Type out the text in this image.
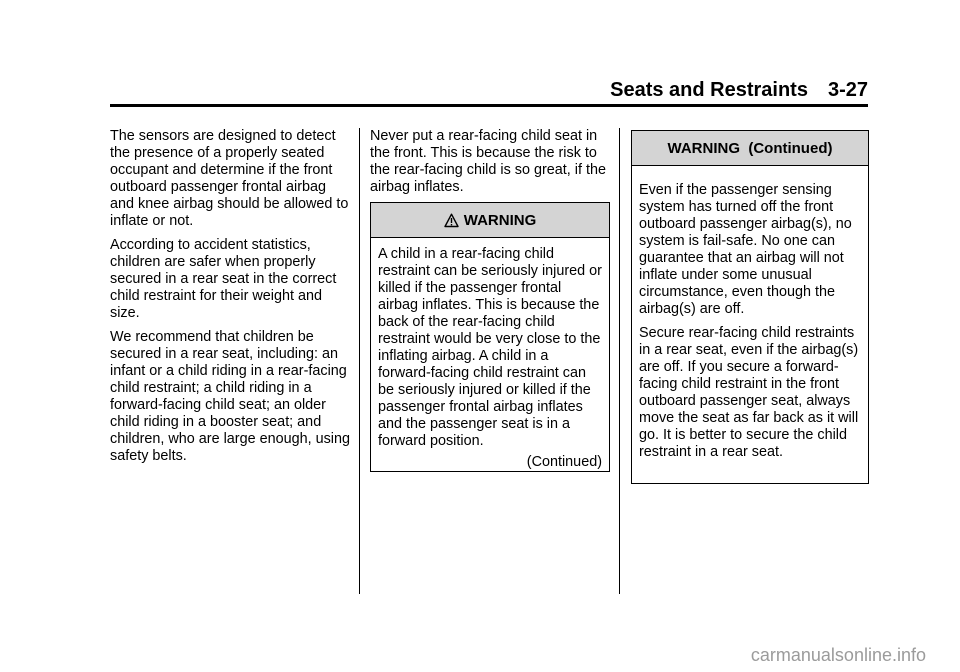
Seats and Restraints 3-27

The sensors are designed to detect the presence of a properly seated occupant and determine if the front outboard passenger frontal airbag and knee airbag should be allowed to inflate or not.

According to accident statistics, children are safer when properly secured in a rear seat in the correct child restraint for their weight and size.

We recommend that children be secured in a rear seat, including: an infant or a child riding in a rear-facing child restraint; a child riding in a forward-facing child seat; an older child riding in a booster seat; and children, who are large enough, using safety belts.

Never put a rear-facing child seat in the front. This is because the risk to the rear-facing child is so great, if the airbag inflates.

WARNING

A child in a rear-facing child restraint can be seriously injured or killed if the passenger frontal airbag inflates. This is because the back of the rear-facing child restraint would be very close to the inflating airbag. A child in a forward-facing child restraint can be seriously injured or killed if the passenger frontal airbag inflates and the passenger seat is in a forward position.

(Continued)
WARNING  (Continued)

Even if the passenger sensing system has turned off the front outboard passenger airbag(s), no system is fail-safe. No one can guarantee that an airbag will not inflate under some unusual circumstance, even though the airbag(s) are off.

Secure rear-facing child restraints in a rear seat, even if the airbag(s) are off. If you secure a forward-facing child restraint in the front outboard passenger seat, always move the seat as far back as it will go. It is better to secure the child restraint in a rear seat.

carmanualsonline.info
